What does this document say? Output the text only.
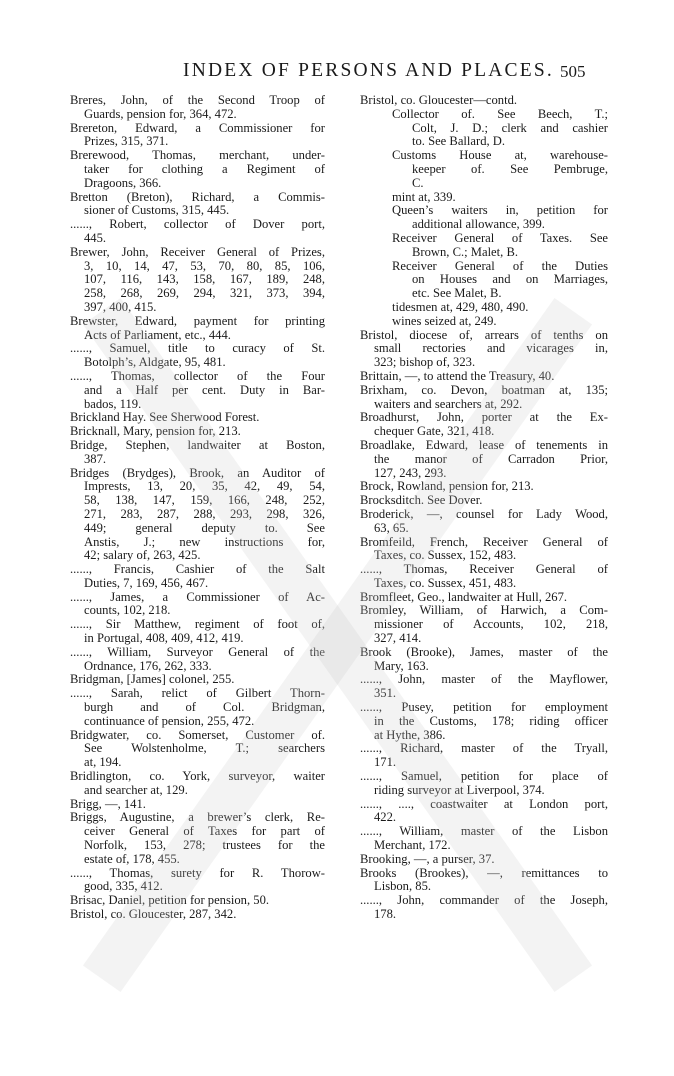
INDEX OF PERSONS AND PLACES. 505
Breres, John, of the Second Troop of
Guards, pension for, 364, 472.
Brereton, Edward, a Commissioner for
Prizes, 315, 371.
Brerewood, Thomas, merchant, under-
taker for clothing a Regiment of
Dragoons, 366.
Bretton (Breton), Richard, a Commis-
sioner of Customs, 315, 445.
......, Robert, collector of Dover port,
445.
Brewer, John, Receiver General of Prizes,
3, 10, 14, 47, 53, 70, 80, 85, 106,
107, 116, 143, 158, 167, 189, 248,
258, 268, 269, 294, 321, 373, 394,
397, 400, 415.
Brewster, Edward, payment for printing
Acts of Parliament, etc., 444.
......, Samuel, title to curacy of St.
Botolph’s, Aldgate, 95, 481.
......, Thomas, collector of the Four
and a Half per cent. Duty in Bar-
bados, 119.
Brickland Hay. See Sherwood Forest.
Bricknall, Mary, pension for, 213.
Bridge, Stephen, landwaiter at Boston,
387.
Bridges (Brydges), Brook, an Auditor of
Imprests, 13, 20, 35, 42, 49, 54,
58, 138, 147, 159, 166, 248, 252,
271, 283, 287, 288, 293, 298, 326,
449; general deputy to. See
Anstis, J.; new instructions for,
42; salary of, 263, 425.
......, Francis, Cashier of the Salt
Duties, 7, 169, 456, 467.
......, James, a Commissioner of Ac-
counts, 102, 218.
......, Sir Matthew, regiment of foot of,
in Portugal, 408, 409, 412, 419.
......, William, Surveyor General of the
Ordnance, 176, 262, 333.
Bridgman, [James] colonel, 255.
......, Sarah, relict of Gilbert Thorn-
burgh and of Col. Bridgman,
continuance of pension, 255, 472.
Bridgwater, co. Somerset, Customer of.
See Wolstenholme, T.; searchers
at, 194.
Bridlington, co. York, surveyor, waiter
and searcher at, 129.
Brigg, —, 141.
Briggs, Augustine, a brewer’s clerk, Re-
ceiver General of Taxes for part of
Norfolk, 153, 278; trustees for the
estate of, 178, 455.
......, Thomas, surety for R. Thorow-
good, 335, 412.
Brisac, Daniel, petition for pension, 50.
Bristol, co. Gloucester, 287, 342.
Bristol, co. Gloucester—contd.
Collector of. See Beech, T.;
Colt, J. D.; clerk and cashier
to. See Ballard, D.
Customs House at, warehouse-
keeper of. See Pembruge,
C.
mint at, 339.
Queen’s waiters in, petition for
additional allowance, 399.
Receiver General of Taxes. See
Brown, C.; Malet, B.
Receiver General of the Duties
on Houses and on Marriages,
etc. See Malet, B.
tidesmen at, 429, 480, 490.
wines seized at, 249.
Bristol, diocese of, arrears of tenths on
small rectories and vicarages in,
323; bishop of, 323.
Brittain, —, to attend the Treasury, 40.
Brixham, co. Devon, boatman at, 135;
waiters and searchers at, 292.
Broadhurst, John, porter at the Ex-
chequer Gate, 321, 418.
Broadlake, Edward, lease of tenements in
the manor of Carradon Prior,
127, 243, 293.
Brock, Rowland, pension for, 213.
Brocksditch. See Dover.
Broderick, —, counsel for Lady Wood,
63, 65.
Bromfeild, French, Receiver General of
Taxes, co. Sussex, 152, 483.
......, Thomas, Receiver General of
Taxes, co. Sussex, 451, 483.
Bromfleet, Geo., landwaiter at Hull, 267.
Bromley, William, of Harwich, a Com-
missioner of Accounts, 102, 218,
327, 414.
Brook (Brooke), James, master of the
Mary, 163.
......, John, master of the Mayflower,
351.
......, Pusey, petition for employment
in the Customs, 178; riding officer
at Hythe, 386.
......, Richard, master of the Tryall,
171.
......, Samuel, petition for place of
riding surveyor at Liverpool, 374.
......, ...., coastwaiter at London port,
422.
......, William, master of the Lisbon
Merchant, 172.
Brooking, —, a purser, 37.
Brooks (Brookes), —, remittances to
Lisbon, 85.
......, John, commander of the Joseph,
178.
